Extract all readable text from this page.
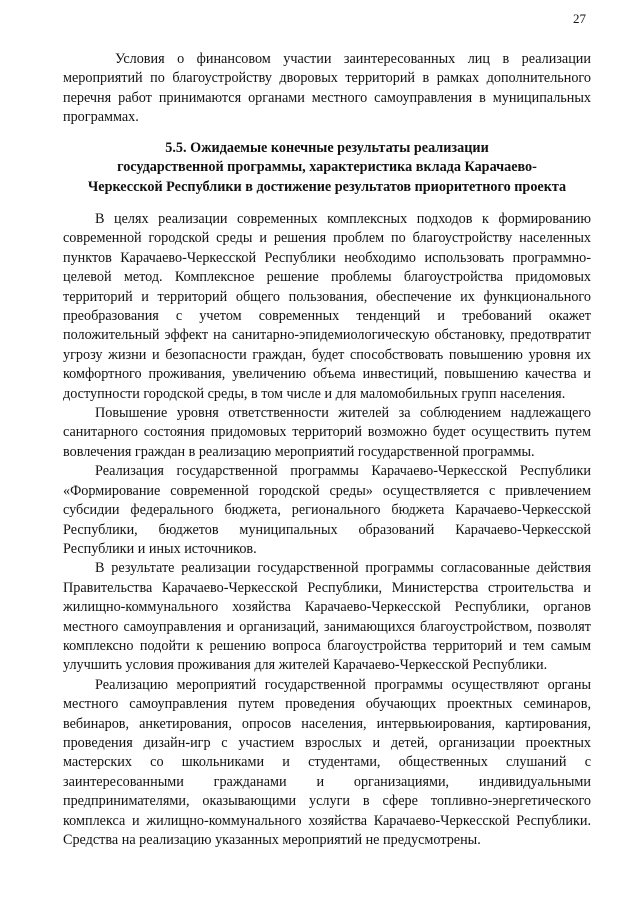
27

Условия о финансовом участии заинтересованных лиц в реализации мероприятий по благоустройству дворовых территорий в рамках дополнительного перечня работ принимаются органами местного самоуправления в муниципальных программах.

5.5. Ожидаемые конечные результаты реализации
государственной программы, характеристика вклада Карачаево-
Черкесской Республики в достижение результатов приоритетного проекта

В целях реализации современных комплексных подходов к формированию современной городской среды и решения проблем по благоустройству населенных пунктов Карачаево-Черкесской Республики необходимо использовать программно-целевой метод. Комплексное решение проблемы благоустройства придомовых территорий и территорий общего пользования, обеспечение их функционального преобразования с учетом современных тенденций и требований окажет положительный эффект на санитарно-эпидемиологическую обстановку, предотвратит угрозу жизни и безопасности граждан, будет способствовать повышению уровня их комфортного проживания, увеличению объема инвестиций, повышению качества и доступности городской среды, в том числе и для маломобильных групп населения.

Повышение уровня ответственности жителей за соблюдением надлежащего санитарного состояния придомовых территорий возможно будет осуществить путем вовлечения граждан в реализацию мероприятий государственной программы.

Реализация государственной программы Карачаево-Черкесской Республики «Формирование современной городской среды» осуществляется с привлечением субсидии федерального бюджета, регионального бюджета Карачаево-Черкесской Республики, бюджетов муниципальных образований Карачаево-Черкесской Республики и иных источников.

В результате реализации государственной программы согласованные действия Правительства Карачаево-Черкесской Республики, Министерства строительства и жилищно-коммунального хозяйства Карачаево-Черкесской Республики, органов местного самоуправления и организаций, занимающихся благоустройством, позволят комплексно подойти к решению вопроса благоустройства территорий и тем самым улучшить условия проживания для жителей Карачаево-Черкесской Республики.

Реализацию мероприятий государственной программы осуществляют органы местного самоуправления путем проведения обучающих проектных семинаров, вебинаров, анкетирования, опросов населения, интервьюирования, картирования, проведения дизайн-игр с участием взрослых и детей, организации проектных мастерских со школьниками и студентами, общественных слушаний с заинтересованными гражданами и организациями, индивидуальными предпринимателями, оказывающими услуги в сфере топливно-энергетического комплекса и жилищно-коммунального хозяйства Карачаево-Черкесской Республики. Средства на реализацию указанных мероприятий не предусмотрены.
